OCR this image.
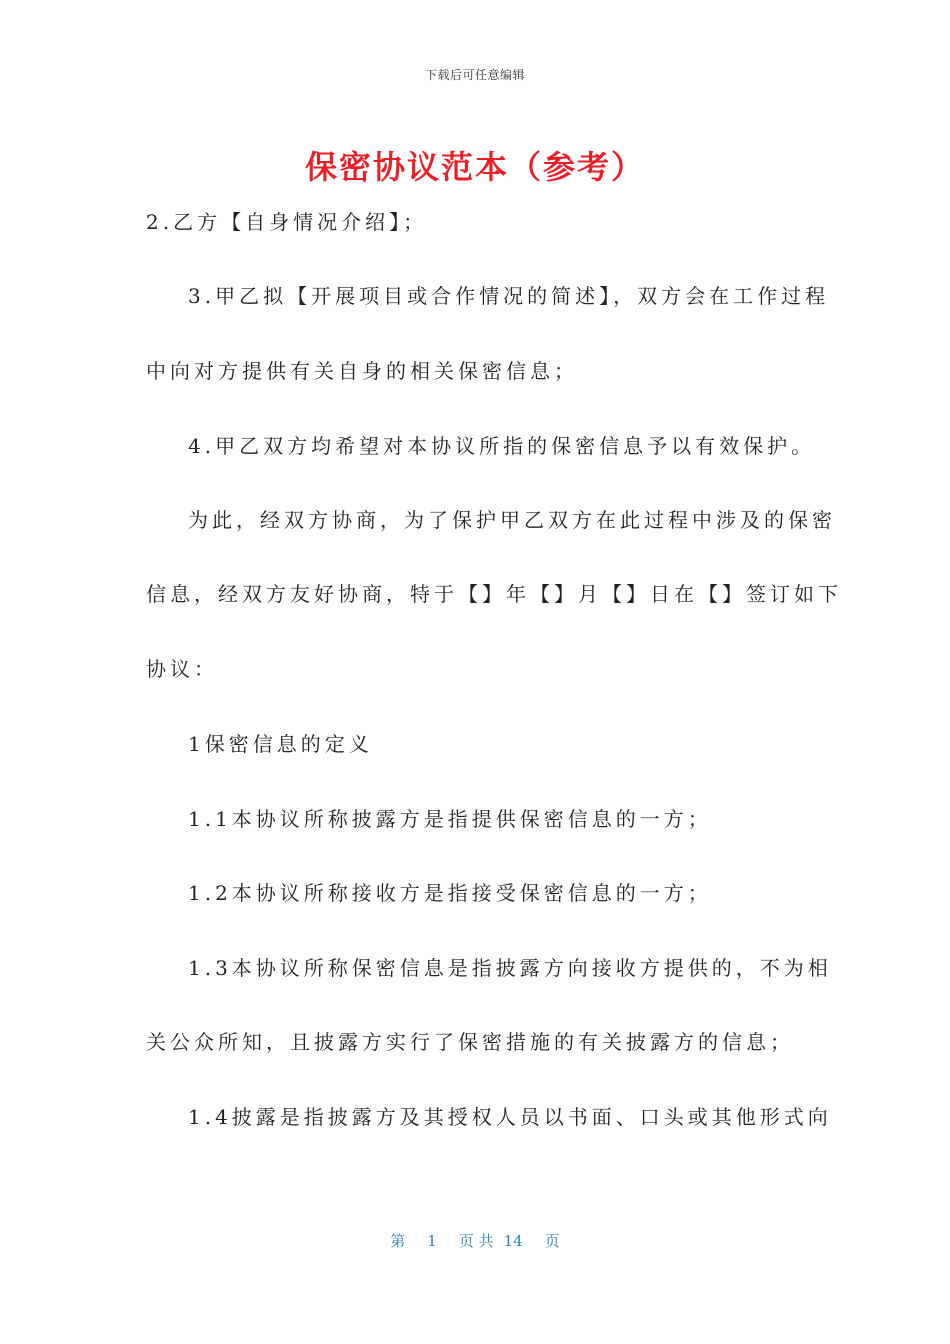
下载后可任意编辑
保密协议范本（参考）
2.乙方【自身情况介绍】；
3.甲乙拟【开展项目或合作情况的简述】，双方会在工作过程
中向对方提供有关自身的相关保密信息；
4.甲乙双方均希望对本协议所指的保密信息予以有效保护。
为此，经双方协商，为了保护甲乙双方在此过程中涉及的保密
信息，经双方友好协商，特于【】年【】月【】日在【】签订如下
协议：
1保密信息的定义
1.1本协议所称披露方是指提供保密信息的一方；
1.2本协议所称接收方是指接受保密信息的一方；
1.3本协议所称保密信息是指披露方向接收方提供的，不为相
关公众所知，且披露方实行了保密措施的有关披露方的信息；
1.4披露是指披露方及其授权人员以书面、口头或其他形式向
第 1 页 共 14 页
